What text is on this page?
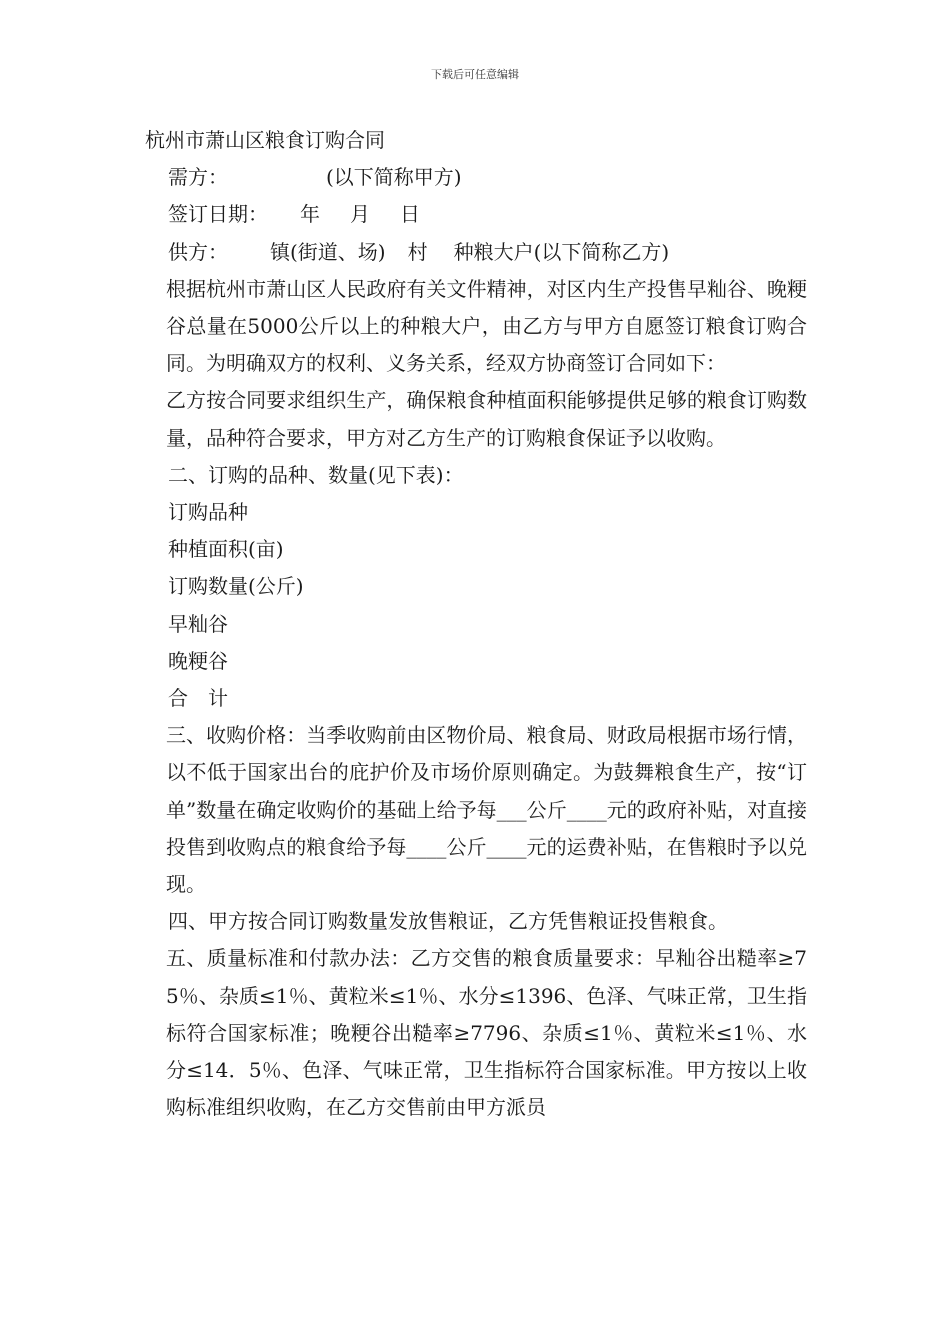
下载后可任意编辑

杭州市萧山区粮食订购合同

需方：	(以下简称甲方)

签订日期： 年 月 日

供方： 镇(街道、场) 村 种粮大户(以下简称乙方)

根据杭州市萧山区人民政府有关文件精神，对区内生产投售早籼谷、晚粳谷总量在5000公斤以上的种粮大户，由乙方与甲方自愿签订粮食订购合同。为明确双方的权利、义务关系，经双方协商签订合同如下：

乙方按合同要求组织生产，确保粮食种植面积能够提供足够的粮食订购数量，品种符合要求，甲方对乙方生产的订购粮食保证予以收购。

二、订购的品种、数量(见下表)：

订购品种

种植面积(亩)

订购数量(公斤)

早籼谷

晚粳谷

合　计

三、收购价格：当季收购前由区物价局、粮食局、财政局根据市场行情，以不低于国家出台的庇护价及市场价原则确定。为鼓舞粮食生产，按“订单”数量在确定收购价的基础上给予每___公斤____元的政府补贴，对直接投售到收购点的粮食给予每____公斤____元的运费补贴，在售粮时予以兑现。

四、甲方按合同订购数量发放售粮证，乙方凭售粮证投售粮食。

五、质量标准和付款办法：乙方交售的粮食质量要求：早籼谷出糙率≥75％、杂质≤1％、黄粒米≤1％、水分≤1396、色泽、气味正常，卫生指标符合国家标准；晚粳谷出糙率≥7796、杂质≤1％、黄粒米≤1％、水分≤14．5％、色泽、气味正常，卫生指标符合国家标准。甲方按以上收购标准组织收购，在乙方交售前由甲方派员
